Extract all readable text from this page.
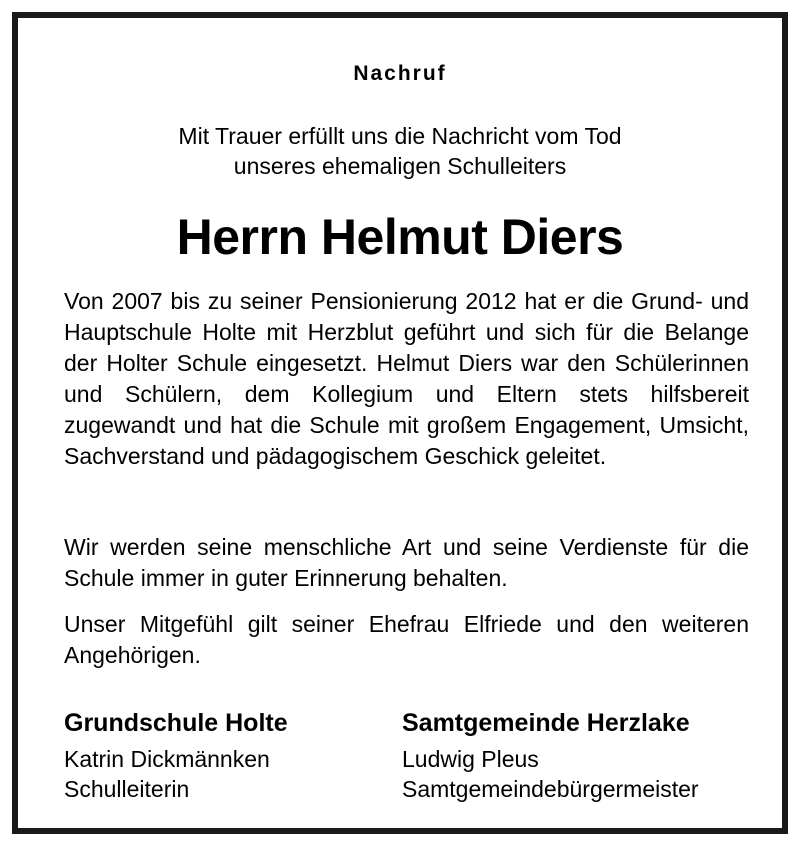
Nachruf
Mit Trauer erfüllt uns die Nachricht vom Tod
unseres ehemaligen Schulleiters
Herrn Helmut Diers

Von 2007 bis zu seiner Pensionierung 2012 hat er die Grund- und Hauptschule Holte mit Herzblut geführt und sich für die Belange der Holter Schule eingesetzt. Helmut Diers war den Schülerinnen und Schülern, dem Kollegium und Eltern stets hilfsbereit zugewandt und hat die Schule mit großem Engagement, Umsicht, Sachverstand und pädagogischem Geschick geleitet.

Wir werden seine menschliche Art und seine Verdienste für die Schule immer in guter Erinnerung behalten.

Unser Mitgefühl gilt seiner Ehefrau Elfriede und den weiteren Angehörigen.

Grundschule Holte
Katrin Dickmännken
Schulleiterin
Samtgemeinde Herzlake
Ludwig Pleus
Samtgemeindebürgermeister
